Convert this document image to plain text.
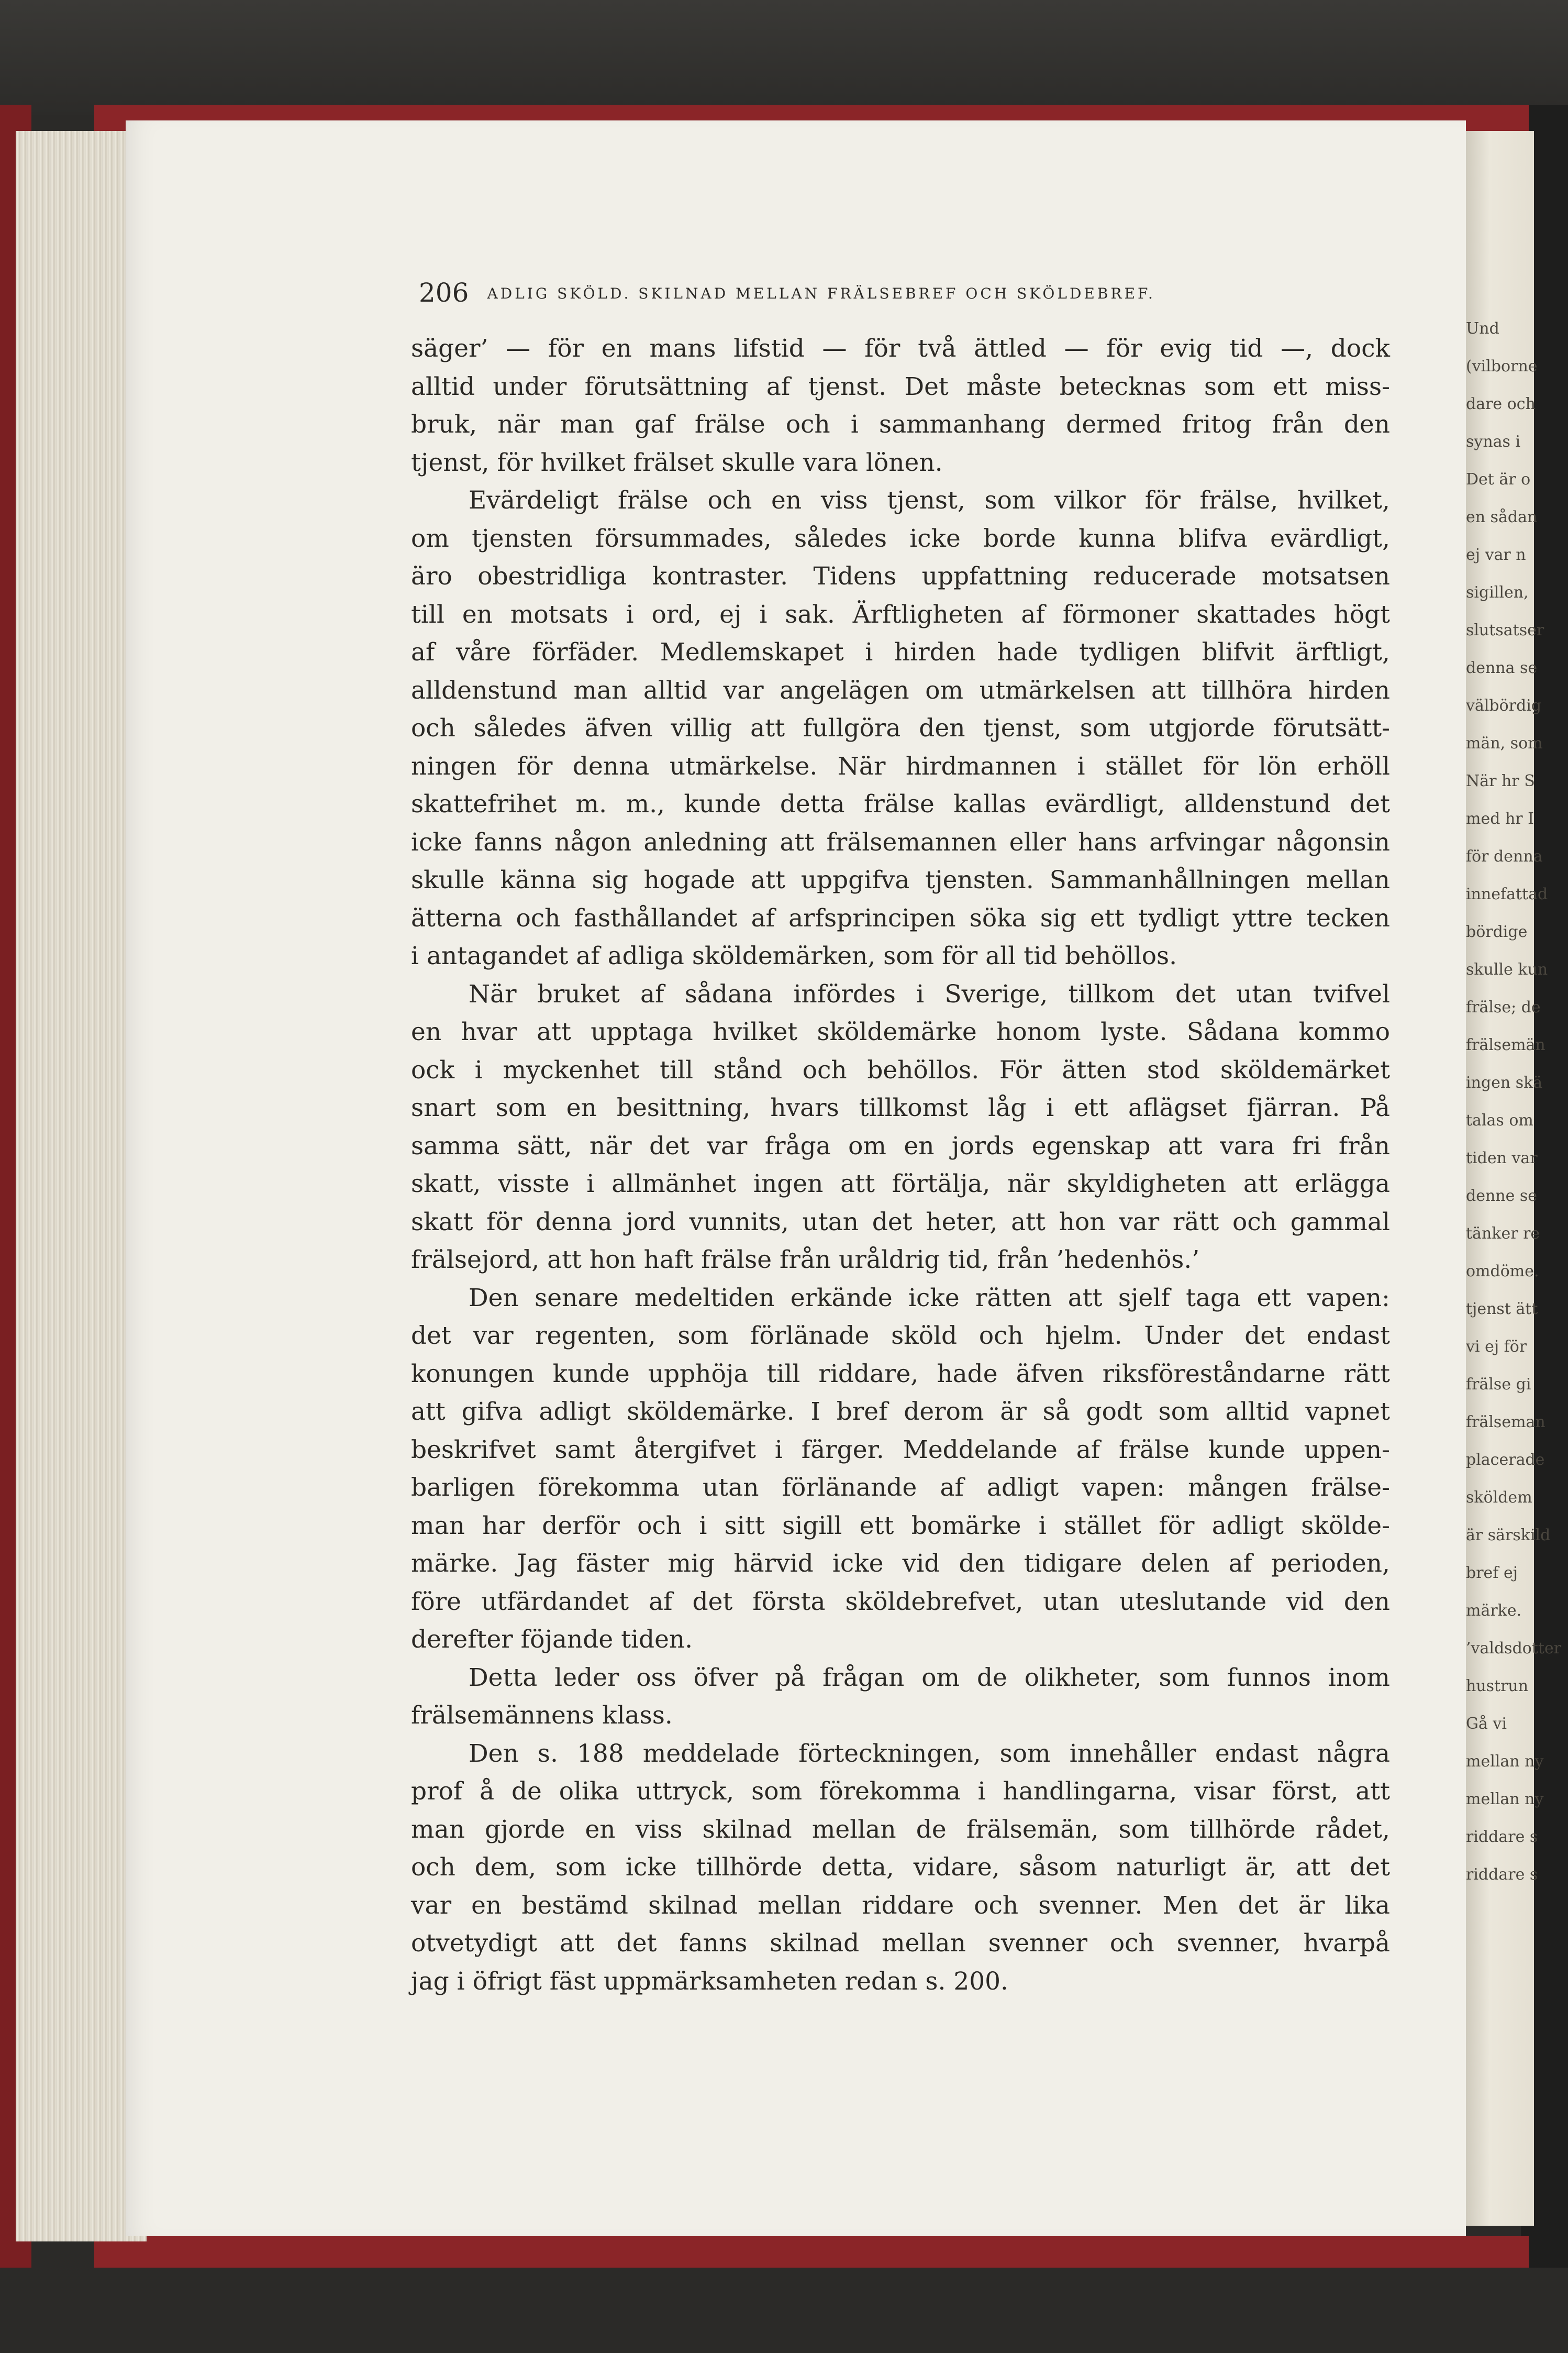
Und
(vilborne
dare och
synas i
Det är o
en sådan
ej var n
sigillen,
slutsatser
denna se
välbördig
män, som
När hr S
med hr I
för denna
innefattad
bördige
skulle kun
frälse; de
frälsemän
ingen skä
talas om
tiden var
denne se
tänker re
omdöme.
tjenst ätt
vi ej för
frälse gi
frälseman
placerade
sköldem
är särskild
bref ej
märke.
’valdsdotter
hustrun
Gå vi
mellan ny
mellan ny
riddare s
riddare s
206 ADLIG SKÖLD. SKILNAD MELLAN FRÄLSEBREF OCH SKÖLDEBREF.
säger’ — för en mans lifstid — för två ättled — för evig tid —, dock
alltid under förutsättning af tjenst. Det måste betecknas som ett miss-
bruk, när man gaf frälse och i sammanhang dermed fritog från den
tjenst, för hvilket frälset skulle vara lönen.
Evärdeligt frälse och en viss tjenst, som vilkor för frälse, hvilket,
om tjensten försummades, således icke borde kunna blifva evärdligt,
äro obestridliga kontraster. Tidens uppfattning reducerade motsatsen
till en motsats i ord, ej i sak. Ärftligheten af förmoner skattades högt
af våre förfäder. Medlemskapet i hirden hade tydligen blifvit ärftligt,
alldenstund man alltid var angelägen om utmärkelsen att tillhöra hirden
och således äfven villig att fullgöra den tjenst, som utgjorde förutsätt-
ningen för denna utmärkelse. När hirdmannen i stället för lön erhöll
skattefrihet m. m., kunde detta frälse kallas evärdligt, alldenstund det
icke fanns någon anledning att frälsemannen eller hans arfvingar någonsin
skulle känna sig hogade att uppgifva tjensten. Sammanhållningen mellan
ätterna och fasthållandet af arfsprincipen söka sig ett tydligt yttre tecken
i antagandet af adliga sköldemärken, som för all tid behöllos.
När bruket af sådana infördes i Sverige, tillkom det utan tvifvel
en hvar att upptaga hvilket sköldemärke honom lyste. Sådana kommo
ock i myckenhet till stånd och behöllos. För ätten stod sköldemärket
snart som en besittning, hvars tillkomst låg i ett aflägset fjärran. På
samma sätt, när det var fråga om en jords egenskap att vara fri från
skatt, visste i allmänhet ingen att förtälja, när skyldigheten att erlägga
skatt för denna jord vunnits, utan det heter, att hon var rätt och gammal
frälsejord, att hon haft frälse från uråldrig tid, från ’hedenhös.’
Den senare medeltiden erkände icke rätten att sjelf taga ett vapen:
det var regenten, som förlänade sköld och hjelm. Under det endast
konungen kunde upphöja till riddare, hade äfven riksföreståndarne rätt
att gifva adligt sköldemärke. I bref derom är så godt som alltid vapnet
beskrifvet samt återgifvet i färger. Meddelande af frälse kunde uppen-
barligen förekomma utan förlänande af adligt vapen: mången frälse-
man har derför och i sitt sigill ett bomärke i stället för adligt skölde-
märke. Jag fäster mig härvid icke vid den tidigare delen af perioden,
före utfärdandet af det första sköldebrefvet, utan uteslutande vid den
derefter föjande tiden.
Detta leder oss öfver på frågan om de olikheter, som funnos inom
frälsemännens klass.
Den s. 188 meddelade förteckningen, som innehåller endast några
prof å de olika uttryck, som förekomma i handlingarna, visar först, att
man gjorde en viss skilnad mellan de frälsemän, som tillhörde rådet,
och dem, som icke tillhörde detta, vidare, såsom naturligt är, att det
var en bestämd skilnad mellan riddare och svenner. Men det är lika
otvetydigt att det fanns skilnad mellan svenner och svenner, hvarpå
jag i öfrigt fäst uppmärksamheten redan s. 200.
